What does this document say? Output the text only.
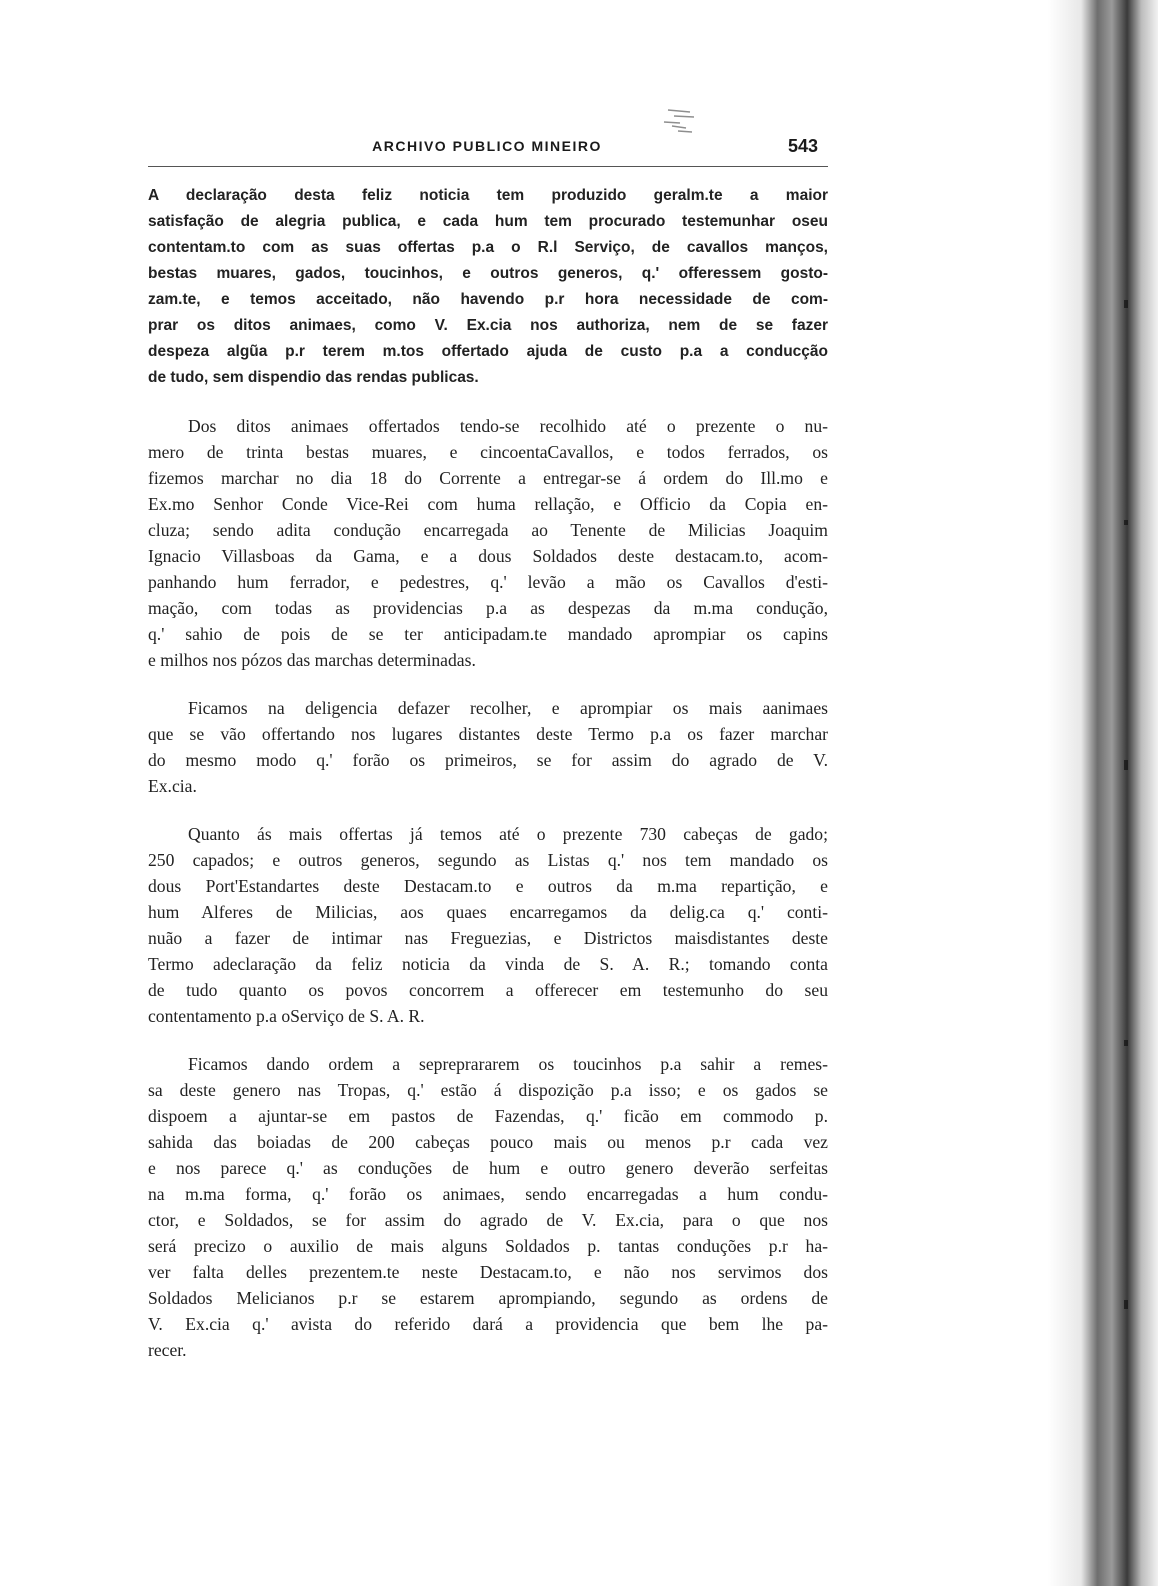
ARCHIVO PUBLICO MINEIRO	543
A declaração desta feliz noticia tem produzido geralm.te a maior
satisfação de alegria publica, e cada hum tem procurado testemunhar oseu
contentam.to com as suas offertas p.a o R.l Serviço, de cavallos manços,
bestas muares, gados, toucinhos, e outros generos, q.' offeressem gosto-
zam.te, e temos acceitado, não havendo p.r hora necessidade de com-
prar os ditos animaes, como V. Ex.cia nos authoriza, nem de se fazer
despeza algũa p.r terem m.tos offertado ajuda de custo p.a a conducção
de tudo, sem dispendio das rendas publicas.
Dos ditos animaes offertados tendo-se recolhido até o prezente o nu-
mero de trinta bestas muares, e cincoentaCavallos, e todos ferrados, os
fizemos marchar no dia 18 do Corrente a entregar-se á ordem do Ill.mo e
Ex.mo Senhor Conde Vice-Rei com huma rellação, e Officio da Copia en-
cluza; sendo adita condução encarregada ao Tenente de Milicias Joaquim
Ignacio Villasboas da Gama, e a dous Soldados deste destacam.to, acom-
panhando hum ferrador, e pedestres, q.' levão a mão os Cavallos d'esti-
mação, com todas as providencias p.a as despezas da m.ma condução,
q.' sahio de pois de se ter anticipadam.te mandado aprompiar os capins
e milhos nos pózos das marchas determinadas.
Ficamos na deligencia defazer recolher, e aprompiar os mais aanimaes
que se vão offertando nos lugares distantes deste Termo p.a os fazer marchar
do mesmo modo q.' forão os primeiros, se for assim do agrado de V.
Ex.cia.
Quanto ás mais offertas já temos até o prezente 730 cabeças de gado;
250 capados; e outros generos, segundo as Listas q.' nos tem mandado os
dous Port'Estandartes deste Destacam.to e outros da m.ma repartição, e
hum Alferes de Milicias, aos quaes encarregamos da delig.ca q.' conti-
nuão a fazer de intimar nas Freguezias, e Districtos maisdistantes deste
Termo adeclaração da feliz noticia da vinda de S. A. R.; tomando conta
de tudo quanto os povos concorrem a offerecer em testemunho do seu
contentamento p.a oServiço de S. A. R.
Ficamos dando ordem a sepreprararem os toucinhos p.a sahir a remes-
sa deste genero nas Tropas, q.' estão á dispozição p.a isso; e os gados se
dispoem a ajuntar-se em pastos de Fazendas, q.' ficão em commodo p.
sahida das boiadas de 200 cabeças pouco mais ou menos p.r cada vez
e nos parece q.' as conduções de hum e outro genero deverão serfeitas
na m.ma forma, q.' forão os animaes, sendo encarregadas a hum condu-
ctor, e Soldados, se for assim do agrado de V. Ex.cia, para o que nos
será precizo o auxilio de mais alguns Soldados p. tantas conduções p.r ha-
ver falta delles prezentem.te neste Destacam.to, e não nos servimos dos
Soldados Melicianos p.r se estarem aprompiando, segundo as ordens de
V. Ex.cia q.' avista do referido dará a providencia que bem lhe pa-
recer.
